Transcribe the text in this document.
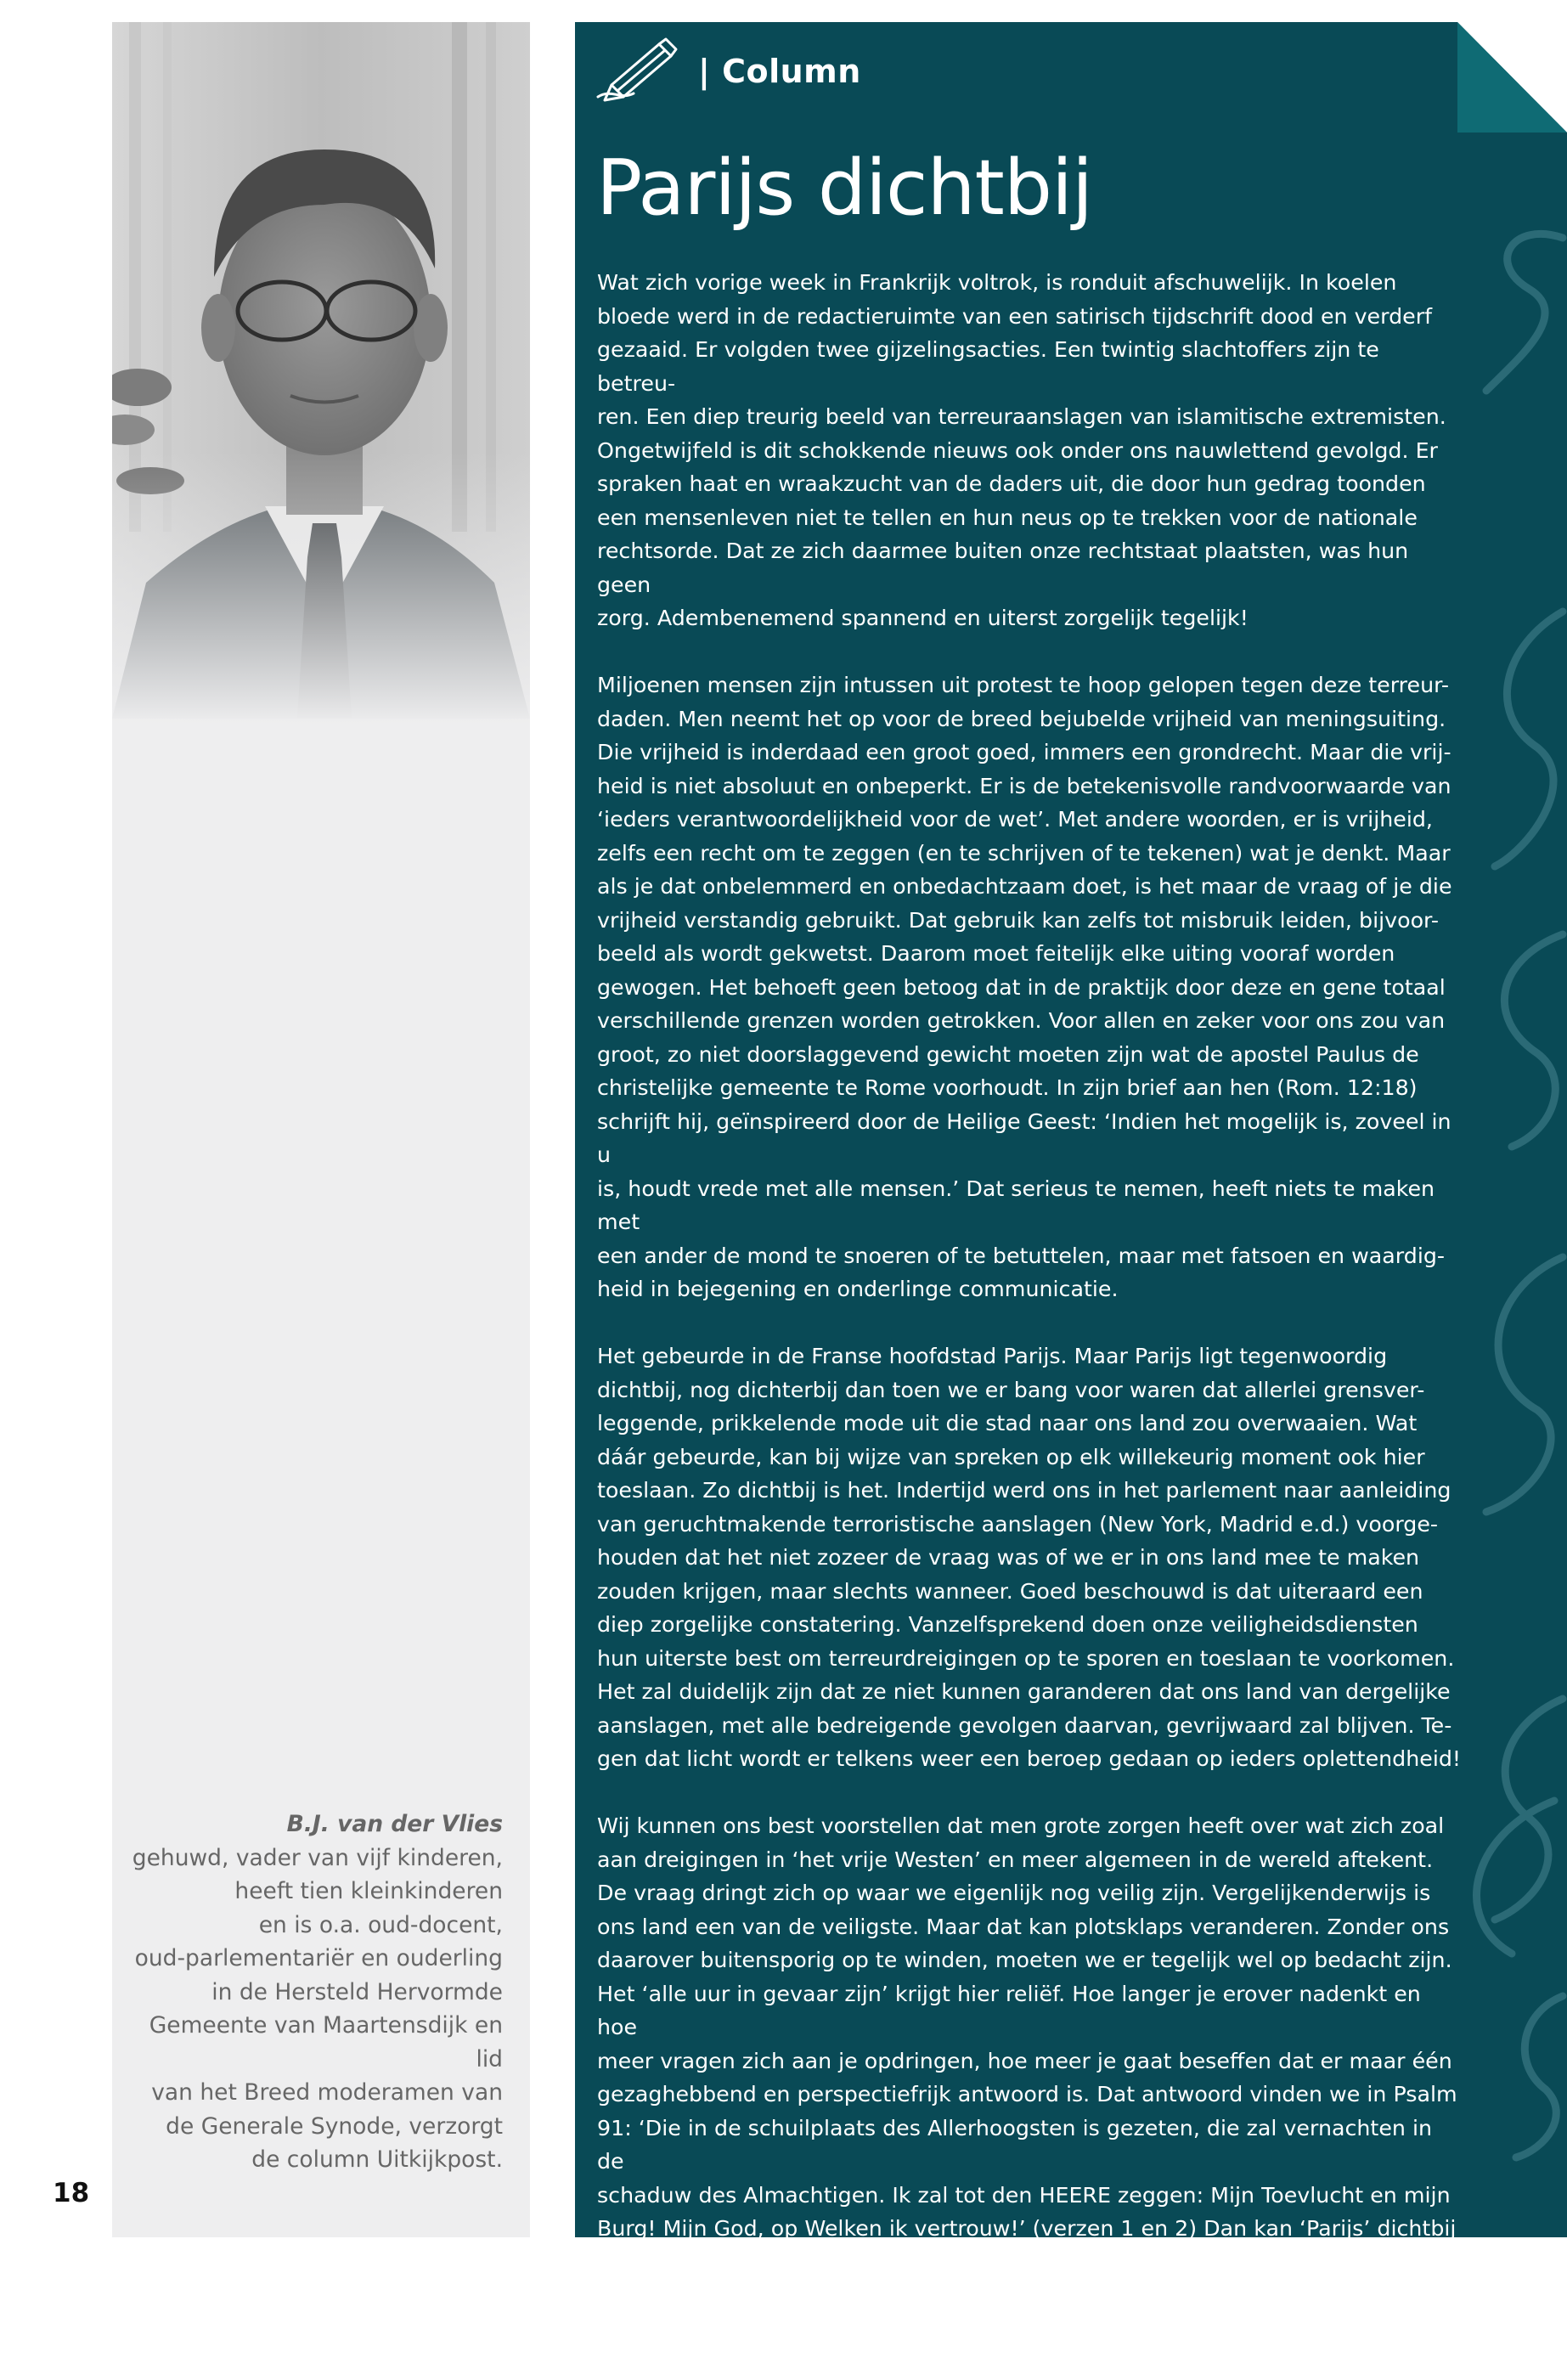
B.J. van der Vlies
gehuwd, vader van vijf kinderen,
heeft tien kleinkinderen
en is o.a. oud-docent,
oud-parlementariër en ouderling
in de Hersteld Hervormde
Gemeente van Maartensdijk en lid
van het Breed moderamen van
de Generale Synode, verzorgt
de column Uitkijkpost.
18
| Column
Parijs dichtbij

Wat zich vorige week in Frankrijk voltrok, is ronduit afschuwelijk. In koelen
bloede werd in de redactieruimte van een satirisch tijdschrift dood en verderf
gezaaid. Er volgden twee gijzelingsacties. Een twintig slachtoffers zijn te betreu-
ren. Een diep treurig beeld van terreuraanslagen van islamitische extremisten.
Ongetwijfeld is dit schokkende nieuws ook onder ons nauwlettend gevolgd. Er
spraken haat en wraakzucht van de daders uit, die door hun gedrag toonden
een mensenleven niet te tellen en hun neus op te trekken voor de nationale
rechtsorde. Dat ze zich daarmee buiten onze rechtstaat plaatsten, was hun geen
zorg. Adembenemend spannend en uiterst zorgelijk tegelijk!

Miljoenen mensen zijn intussen uit protest te hoop gelopen tegen deze terreur-
daden. Men neemt het op voor de breed bejubelde vrijheid van meningsuiting.
Die vrijheid is inderdaad een groot goed, immers een grondrecht. Maar die vrij-
heid is niet absoluut en onbeperkt. Er is de betekenisvolle randvoorwaarde van
‘ieders verantwoordelijkheid voor de wet’. Met andere woorden, er is vrijheid,
zelfs een recht om te zeggen (en te schrijven of te tekenen) wat je denkt. Maar
als je dat onbelemmerd en onbedachtzaam doet, is het maar de vraag of je die
vrijheid verstandig gebruikt. Dat gebruik kan zelfs tot misbruik leiden, bijvoor-
beeld als wordt gekwetst. Daarom moet feitelijk elke uiting vooraf worden
gewogen. Het behoeft geen betoog dat in de praktijk door deze en gene totaal
verschillende grenzen worden getrokken. Voor allen en zeker voor ons zou van
groot, zo niet doorslaggevend gewicht moeten zijn wat de apostel Paulus de
christelijke gemeente te Rome voorhoudt. In zijn brief aan hen (Rom. 12:18)
schrijft hij, geïnspireerd door de Heilige Geest: ‘Indien het mogelijk is, zoveel in u
is, houdt vrede met alle mensen.’ Dat serieus te nemen, heeft niets te maken met
een ander de mond te snoeren of te betuttelen, maar met fatsoen en waardig-
heid in bejegening en onderlinge communicatie.

Het gebeurde in de Franse hoofdstad Parijs. Maar Parijs ligt tegenwoordig
dichtbij, nog dichterbij dan toen we er bang voor waren dat allerlei grensver-
leggende, prikkelende mode uit die stad naar ons land zou overwaaien. Wat
dáár gebeurde, kan bij wijze van spreken op elk willekeurig moment ook hier
toeslaan. Zo dichtbij is het. Indertijd werd ons in het parlement naar aanleiding
van geruchtmakende terroristische aanslagen (New York, Madrid e.d.) voorge-
houden dat het niet zozeer de vraag was of we er in ons land mee te maken
zouden krijgen, maar slechts wanneer. Goed beschouwd is dat uiteraard een
diep zorgelijke constatering. Vanzelfsprekend doen onze veiligheidsdiensten
hun uiterste best om terreurdreigingen op te sporen en toeslaan te voorkomen.
Het zal duidelijk zijn dat ze niet kunnen garanderen dat ons land van dergelijke
aanslagen, met alle bedreigende gevolgen daarvan, gevrijwaard zal blijven. Te-
gen dat licht wordt er telkens weer een beroep gedaan op ieders oplettendheid!

Wij kunnen ons best voorstellen dat men grote zorgen heeft over wat zich zoal
aan dreigingen in ‘het vrije Westen’ en meer algemeen in de wereld aftekent.
De vraag dringt zich op waar we eigenlijk nog veilig zijn. Vergelijkenderwijs is
ons land een van de veiligste. Maar dat kan plotsklaps veranderen. Zonder ons
daarover buitensporig op te winden, moeten we er tegelijk wel op bedacht zijn.
Het ‘alle uur in gevaar zijn’ krijgt hier reliëf. Hoe langer je erover nadenkt en hoe
meer vragen zich aan je opdringen, hoe meer je gaat beseffen dat er maar één
gezaghebbend en perspectiefrijk antwoord is. Dat antwoord vinden we in Psalm
91: ‘Die in de schuilplaats des Allerhoogsten is gezeten, die zal vernachten in de
schaduw des Almachtigen. Ik zal tot den HEERE zeggen: Mijn Toevlucht en mijn
Burg! Mijn God, op Welken ik vertrouw!’ (verzen 1 en 2) Dan kan ‘Parijs’ dichtbij
zijn gekomen, deze (geloofs)werkelijkheid is nog oneindig meer dichterbij. Maar
dat is pure genade, een werkelijkheid die niet met het natuurlijke oog wordt
gezien, alleen in geloof rijk wordt ervaren. Daar komt geen terrorist aan.
